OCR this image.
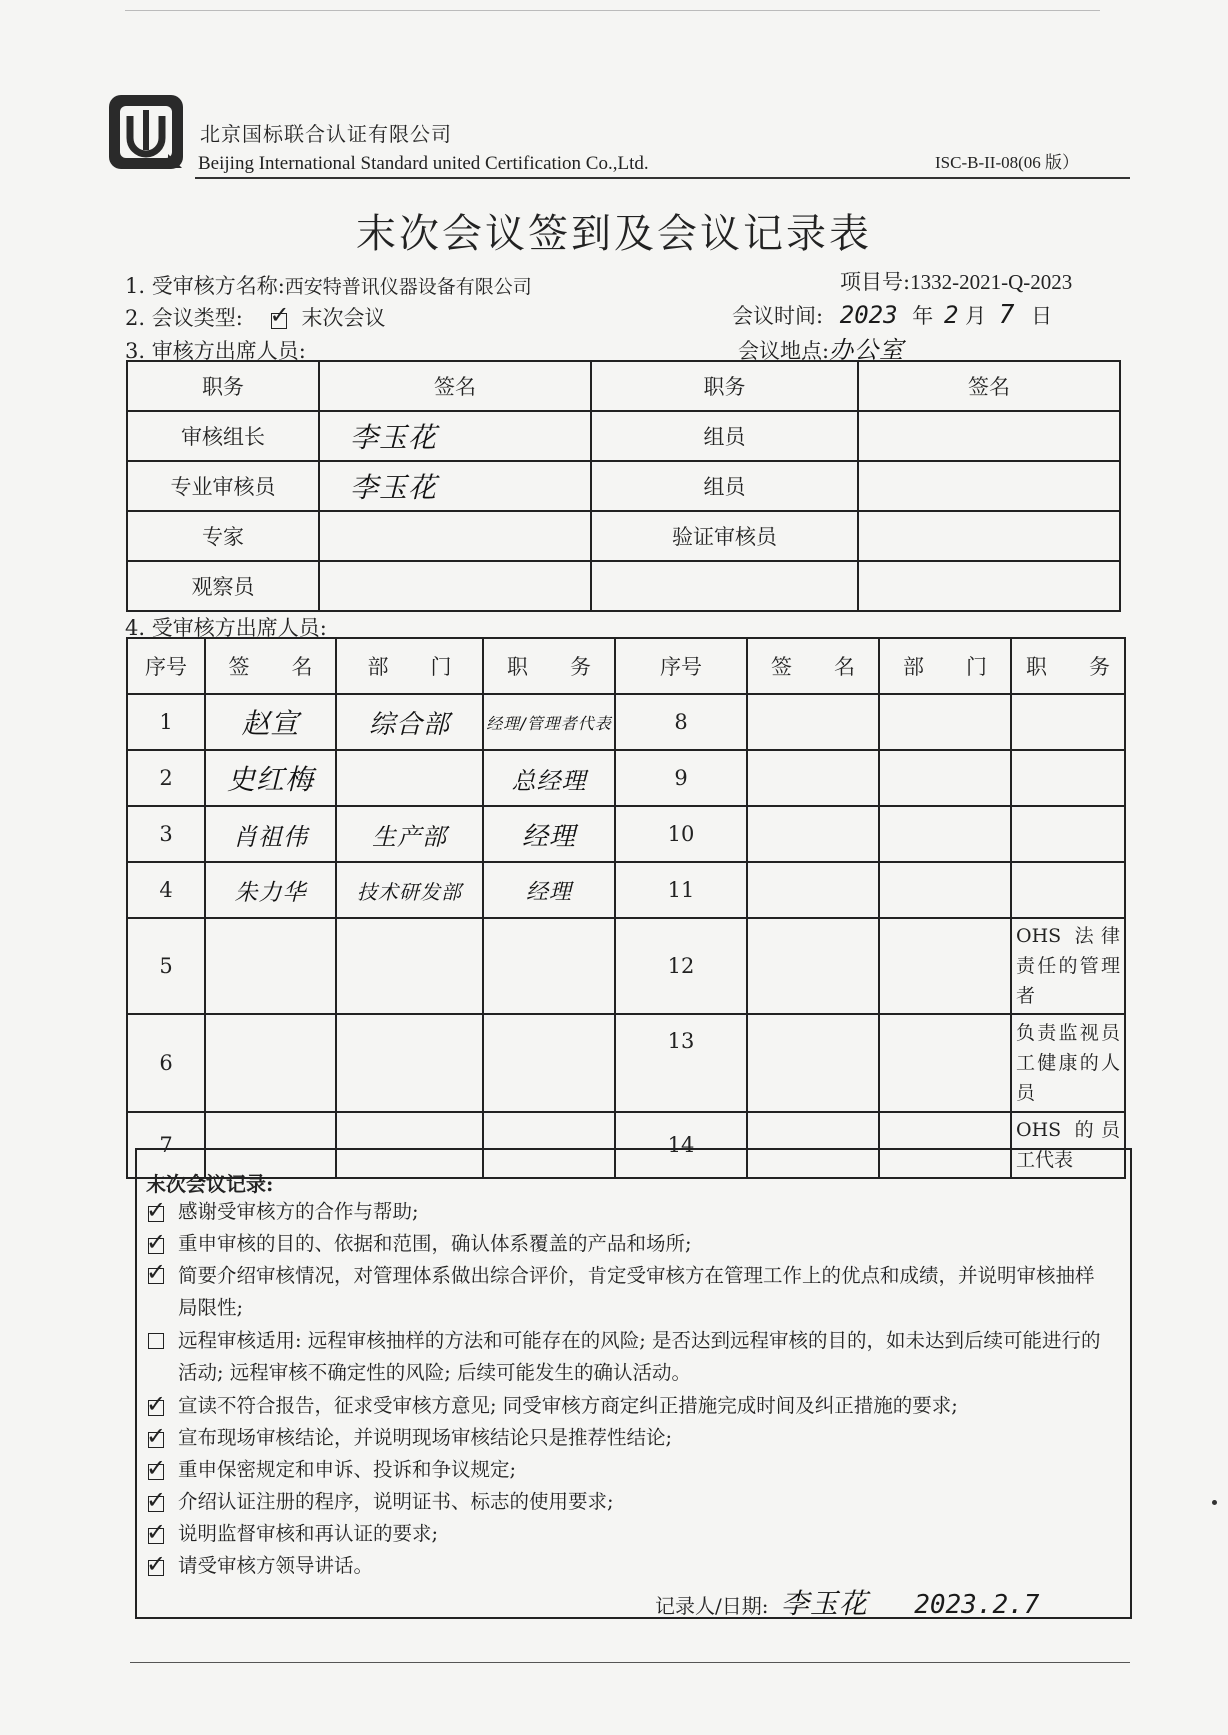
北京国标联合认证有限公司
Beijing International Standard united Certification Co.,Ltd.	ISC-B-II-08(06 版）
末次会议签到及会议记录表
1. 受审核方名称:西安特普讯仪器设备有限公司	项目号:1332-2021-Q-2023
2. 会议类型: ✓ 末次会议	会议时间: 2023 年 2 月 7 日
3. 审核方出席人员:	会议地点:办公室
职务	签名	职务	签名
审核组长	李玉花	组员	
专业审核员	李玉花	组员	
专家		验证审核员	
观察员			
4. 受审核方出席人员:
序号	签　　名	部　　门	职　　务	序号	签　　名	部　　门	职　　务
1	赵宣	综合部	经理/管理者代表	8			
2	史红梅		总经理	9			
3	肖祖伟	生产部	经理	10			
4	朱力华	技术研发部	经理	11			
5				12			OHS 法律责任的管理者
6				13			负责监视员工健康的人员
7				14			OHS 的员工代表
末次会议记录:
✓ 感谢受审核方的合作与帮助;
✓ 重申审核的目的、依据和范围，确认体系覆盖的产品和场所;
✓ 简要介绍审核情况，对管理体系做出综合评价，肯定受审核方在管理工作上的优点和成绩，并说明审核抽样局限性;
远程审核适用: 远程审核抽样的方法和可能存在的风险; 是否达到远程审核的目的，如未达到后续可能进行的活动; 远程审核不确定性的风险; 后续可能发生的确认活动。
✓ 宣读不符合报告，征求受审核方意见; 同受审核方商定纠正措施完成时间及纠正措施的要求;
✓ 宣布现场审核结论，并说明现场审核结论只是推荐性结论;
✓ 重申保密规定和申诉、投诉和争议规定;
✓ 介绍认证注册的程序，说明证书、标志的使用要求;
✓ 说明监督审核和再认证的要求;
✓ 请受审核方领导讲话。
记录人/日期: 李玉花 2023.2.7
